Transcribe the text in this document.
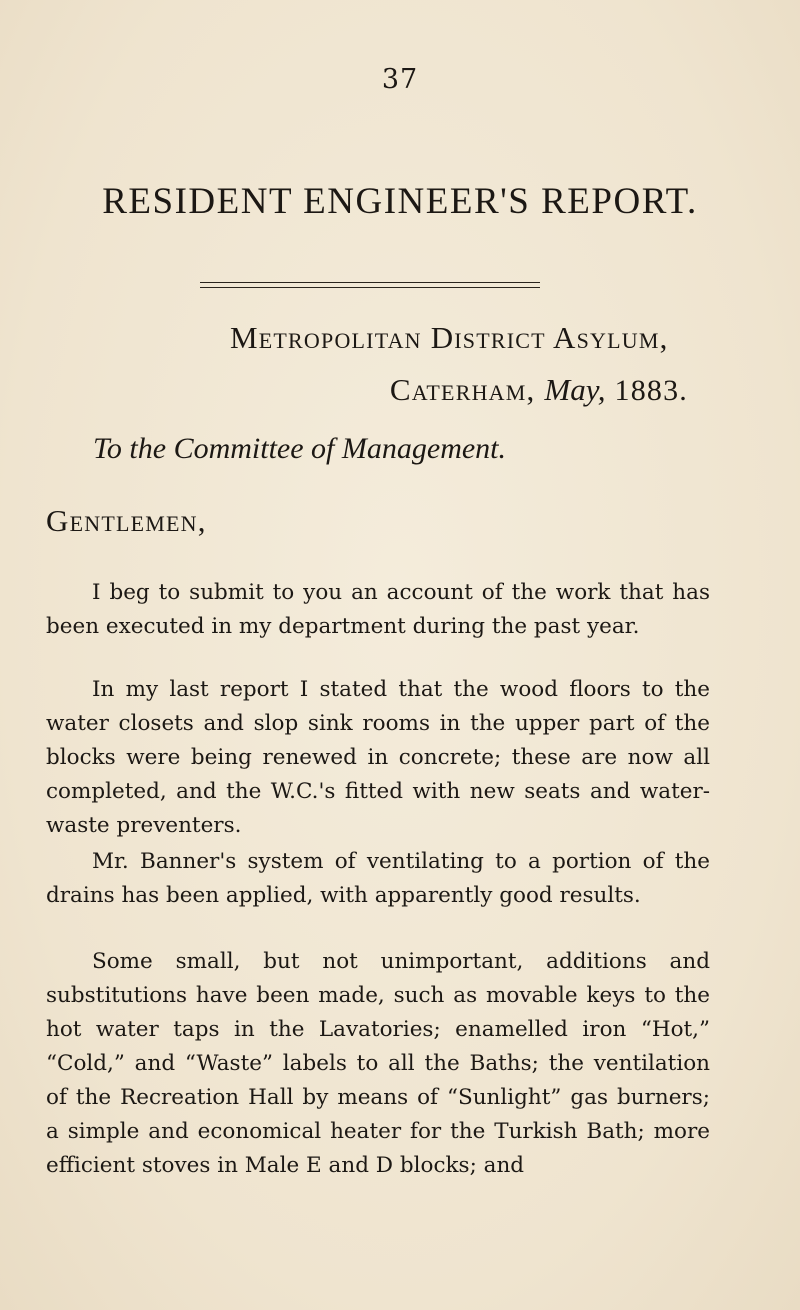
37
RESIDENT ENGINEER'S REPORT.
Metropolitan District Asylum,
Caterham, May, 1883.
To the Committee of Management.
Gentlemen,

I beg to submit to you an account of the work that has been executed in my department during the past year.

In my last report I stated that the wood floors to the water closets and slop sink rooms in the upper part of the blocks were being renewed in concrete; these are now all completed, and the W.C.'s fitted with new seats and water-waste preventers.

Mr. Banner's system of ventilating to a portion of the drains has been applied, with apparently good results.

Some small, but not unimportant, additions and substitutions have been made, such as movable keys to the hot water taps in the Lavatories; enamelled iron “Hot,” “Cold,” and “Waste” labels to all the Baths; the ventilation of the Recreation Hall by means of “Sunlight” gas burners; a simple and economical heater for the Turkish Bath; more efficient stoves in Male E and D blocks; and
